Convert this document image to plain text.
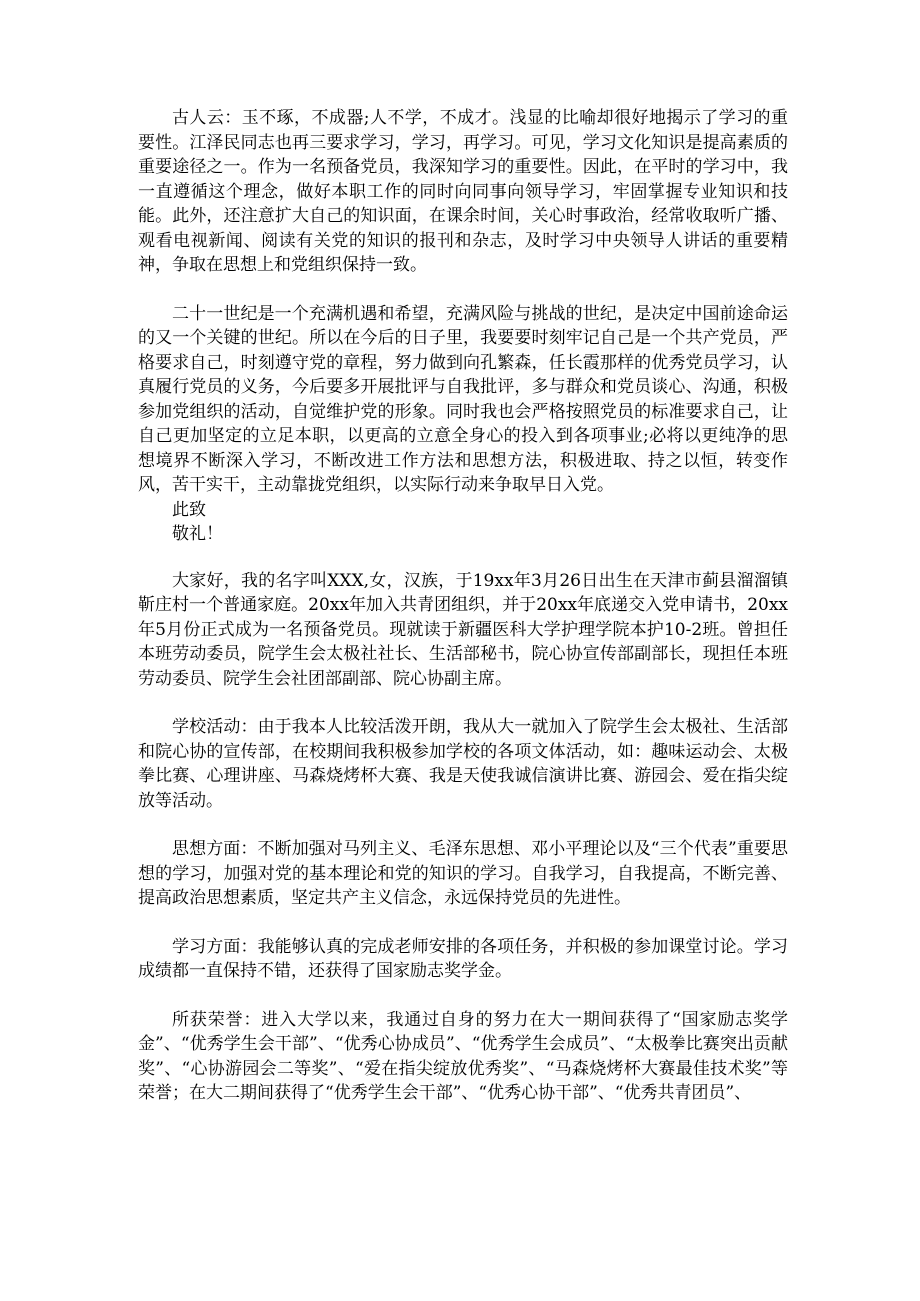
古人云：玉不琢，不成器;人不学，不成才。浅显的比喻却很好地揭示了学习的重要性。江泽民同志也再三要求学习，学习，再学习。可见，学习文化知识是提高素质的重要途径之一。作为一名预备党员，我深知学习的重要性。因此，在平时的学习中，我一直遵循这个理念，做好本职工作的同时向同事向领导学习，牢固掌握专业知识和技能。此外，还注意扩大自己的知识面，在课余时间，关心时事政治，经常收取听广播、观看电视新闻、阅读有关党的知识的报刊和杂志，及时学习中央领导人讲话的重要精神，争取在思想上和党组织保持一致。

二十一世纪是一个充满机遇和希望，充满风险与挑战的世纪，是决定中国前途命运的又一个关键的世纪。所以在今后的日子里，我要要时刻牢记自己是一个共产党员，严格要求自己，时刻遵守党的章程，努力做到向孔繁森，任长霞那样的优秀党员学习，认真履行党员的义务，今后要多开展批评与自我批评，多与群众和党员谈心、沟通，积极参加党组织的活动，自觉维护党的形象。同时我也会严格按照党员的标准要求自己，让自己更加坚定的立足本职，以更高的立意全身心的投入到各项事业;必将以更纯净的思想境界不断深入学习，不断改进工作方法和思想方法，积极进取、持之以恒，转变作风，苦干实干，主动靠拢党组织，以实际行动来争取早日入党。

此致

敬礼！

大家好，我的名字叫XXX,女，汉族，于19xx年3月26日出生在天津市蓟县溜溜镇靳庄村一个普通家庭。20xx年加入共青团组织，并于20xx年底递交入党申请书，20xx年5月份正式成为一名预备党员。现就读于新疆医科大学护理学院本护10-2班。曾担任本班劳动委员，院学生会太极社社长、生活部秘书，院心协宣传部副部长，现担任本班劳动委员、院学生会社团部副部、院心协副主席。

学校活动：由于我本人比较活泼开朗，我从大一就加入了院学生会太极社、生活部和院心协的宣传部，在校期间我积极参加学校的各项文体活动，如：趣味运动会、太极拳比赛、心理讲座、马森烧烤杯大赛、我是天使我诚信演讲比赛、游园会、爱在指尖绽放等活动。

思想方面：不断加强对马列主义、毛泽东思想、邓小平理论以及“三个代表”重要思想的学习，加强对党的基本理论和党的知识的学习。自我学习，自我提高，不断完善、提高政治思想素质，坚定共产主义信念，永远保持党员的先进性。

学习方面：我能够认真的完成老师安排的各项任务，并积极的参加课堂讨论。学习成绩都一直保持不错，还获得了国家励志奖学金。

所获荣誉：进入大学以来，我通过自身的努力在大一期间获得了“国家励志奖学金”、“优秀学生会干部”、“优秀心协成员”、“优秀学生会成员”、“太极拳比赛突出贡献奖”、“心协游园会二等奖”、“爱在指尖绽放优秀奖”、“马森烧烤杯大赛最佳技术奖”等荣誉；在大二期间获得了“优秀学生会干部”、“优秀心协干部”、“优秀共青团员”、
